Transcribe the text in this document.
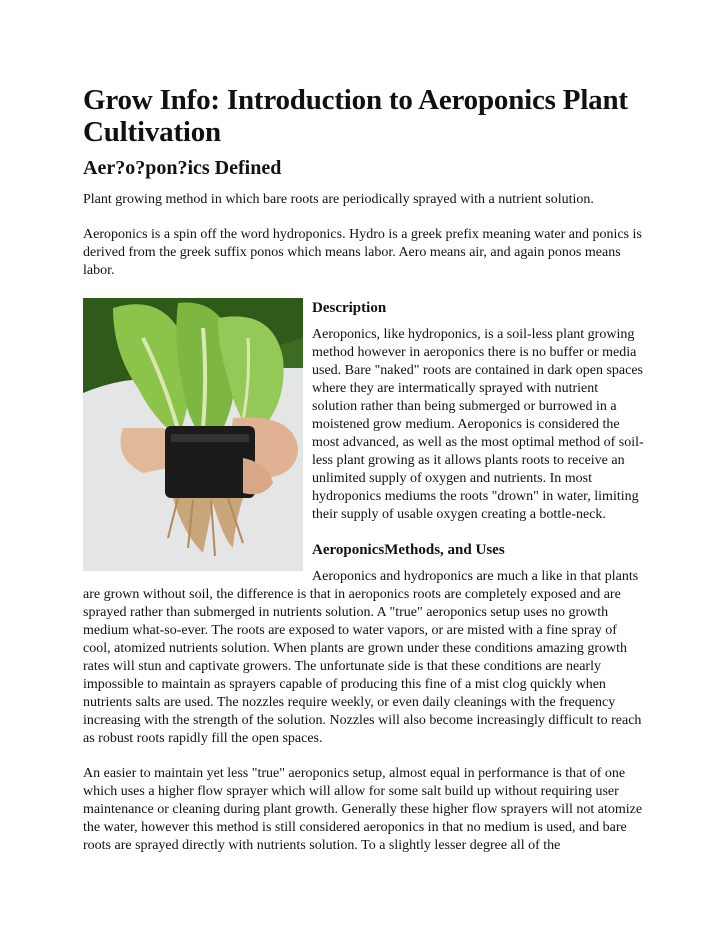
Grow Info: Introduction to Aeroponics Plant Cultivation
Aer?o?pon?ics Defined

Plant growing method in which bare roots are periodically sprayed with a nutrient solution.

Aeroponics is a spin off the word hydroponics. Hydro is a greek prefix meaning water and ponics is derived from the greek suffix ponos which means labor. Aero means air, and again ponos means labor.

Description

Aeroponics, like hydroponics, is a soil-less plant growing method however in aeroponics there is no buffer or media used. Bare "naked" roots are contained in dark open spaces where they are intermatically sprayed with nutrient solution rather than being submerged or burrowed in a moistened grow medium. Aeroponics is considered the most advanced, as well as the most optimal method of soil-less plant growing as it allows plants roots to receive an unlimited supply of oxygen and nutrients. In most hydroponics mediums the roots "drown" in water, limiting their supply of usable oxygen creating a bottle-neck.

AeroponicsMethods, and Uses

Aeroponics and hydroponics are much a like in that plants are grown without soil, the difference is that in aeroponics roots are completely exposed and are sprayed rather than submerged in nutrients solution. A "true" aeroponics setup uses no growth medium what-so-ever. The roots are exposed to water vapors, or are misted with a fine spray of cool, atomized nutrients solution. When plants are grown under these conditions amazing growth rates will stun and captivate growers. The unfortunate side is that these conditions are nearly impossible to maintain as sprayers capable of producing this fine of a mist clog quickly when nutrients salts are used. The nozzles require weekly, or even daily cleanings with the frequency increasing with the strength of the solution. Nozzles will also become increasingly difficult to reach as robust roots rapidly fill the open spaces.

An easier to maintain yet less "true" aeroponics setup, almost equal in performance is that of one which uses a higher flow sprayer which will allow for some salt build up without requiring user maintenance or cleaning during plant growth. Generally these higher flow sprayers will not atomize the water, however this method is still considered aeroponics in that no medium is used, and bare roots are sprayed directly with nutrients solution. To a slightly lesser degree all of the
